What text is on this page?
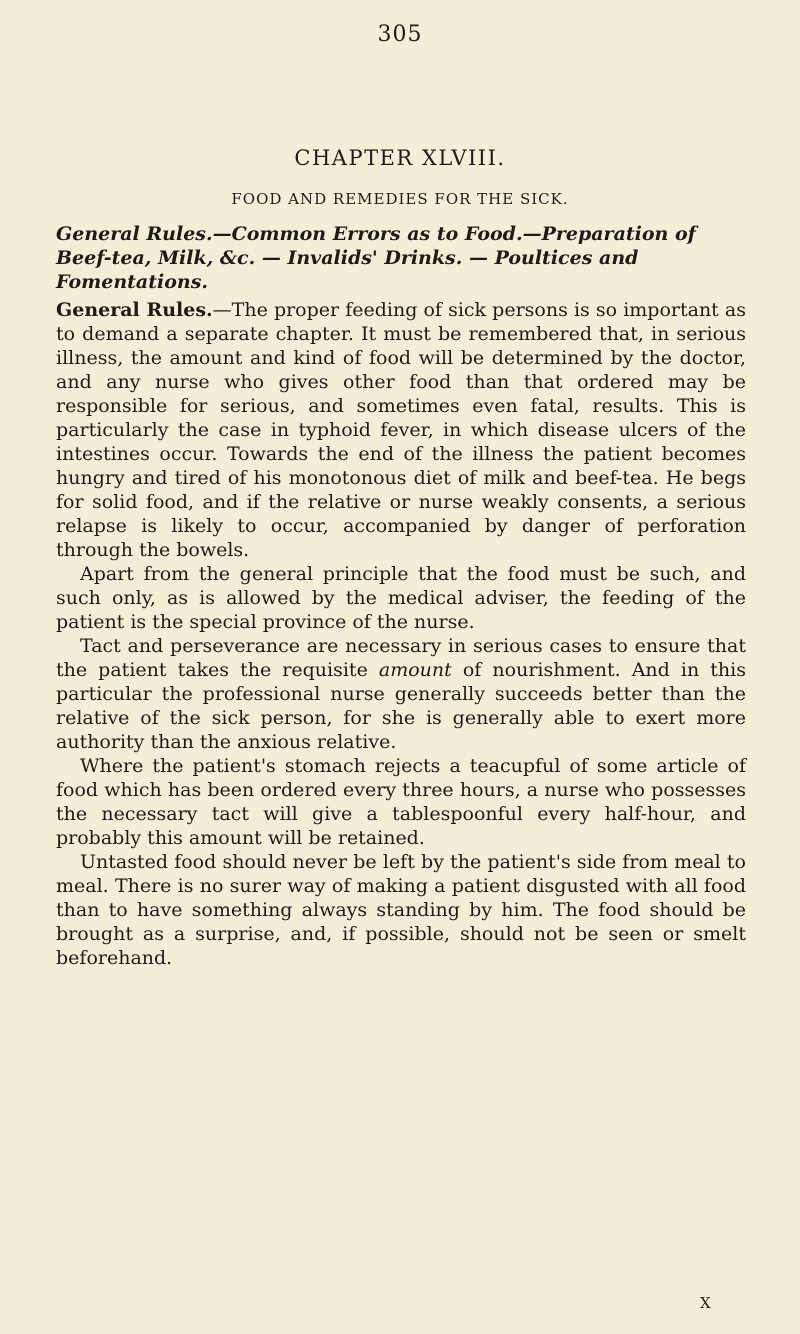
305
CHAPTER XLVIII.
FOOD AND REMEDIES FOR THE SICK.
General Rules.—Common Errors as to Food.—Preparation of Beef-tea, Milk, &c. — Invalids' Drinks. — Poultices and Fomentations.

General Rules.—The proper feeding of sick persons is so important as to demand a separate chapter. It must be remembered that, in serious illness, the amount and kind of food will be determined by the doctor, and any nurse who gives other food than that ordered may be responsible for serious, and sometimes even fatal, results. This is particularly the case in typhoid fever, in which disease ulcers of the intestines occur. Towards the end of the illness the patient becomes hungry and tired of his monotonous diet of milk and beef-tea. He begs for solid food, and if the relative or nurse weakly consents, a serious relapse is likely to occur, accompanied by danger of perforation through the bowels.

Apart from the general principle that the food must be such, and such only, as is allowed by the medical adviser, the feeding of the patient is the special province of the nurse.

Tact and perseverance are necessary in serious cases to ensure that the patient takes the requisite amount of nourishment. And in this particular the professional nurse generally succeeds better than the relative of the sick person, for she is generally able to exert more authority than the anxious relative.

Where the patient's stomach rejects a teacupful of some article of food which has been ordered every three hours, a nurse who possesses the necessary tact will give a tablespoonful every half-hour, and probably this amount will be retained.

Untasted food should never be left by the patient's side from meal to meal. There is no surer way of making a patient disgusted with all food than to have something always standing by him. The food should be brought as a surprise, and, if possible, should not be seen or smelt beforehand.

X
